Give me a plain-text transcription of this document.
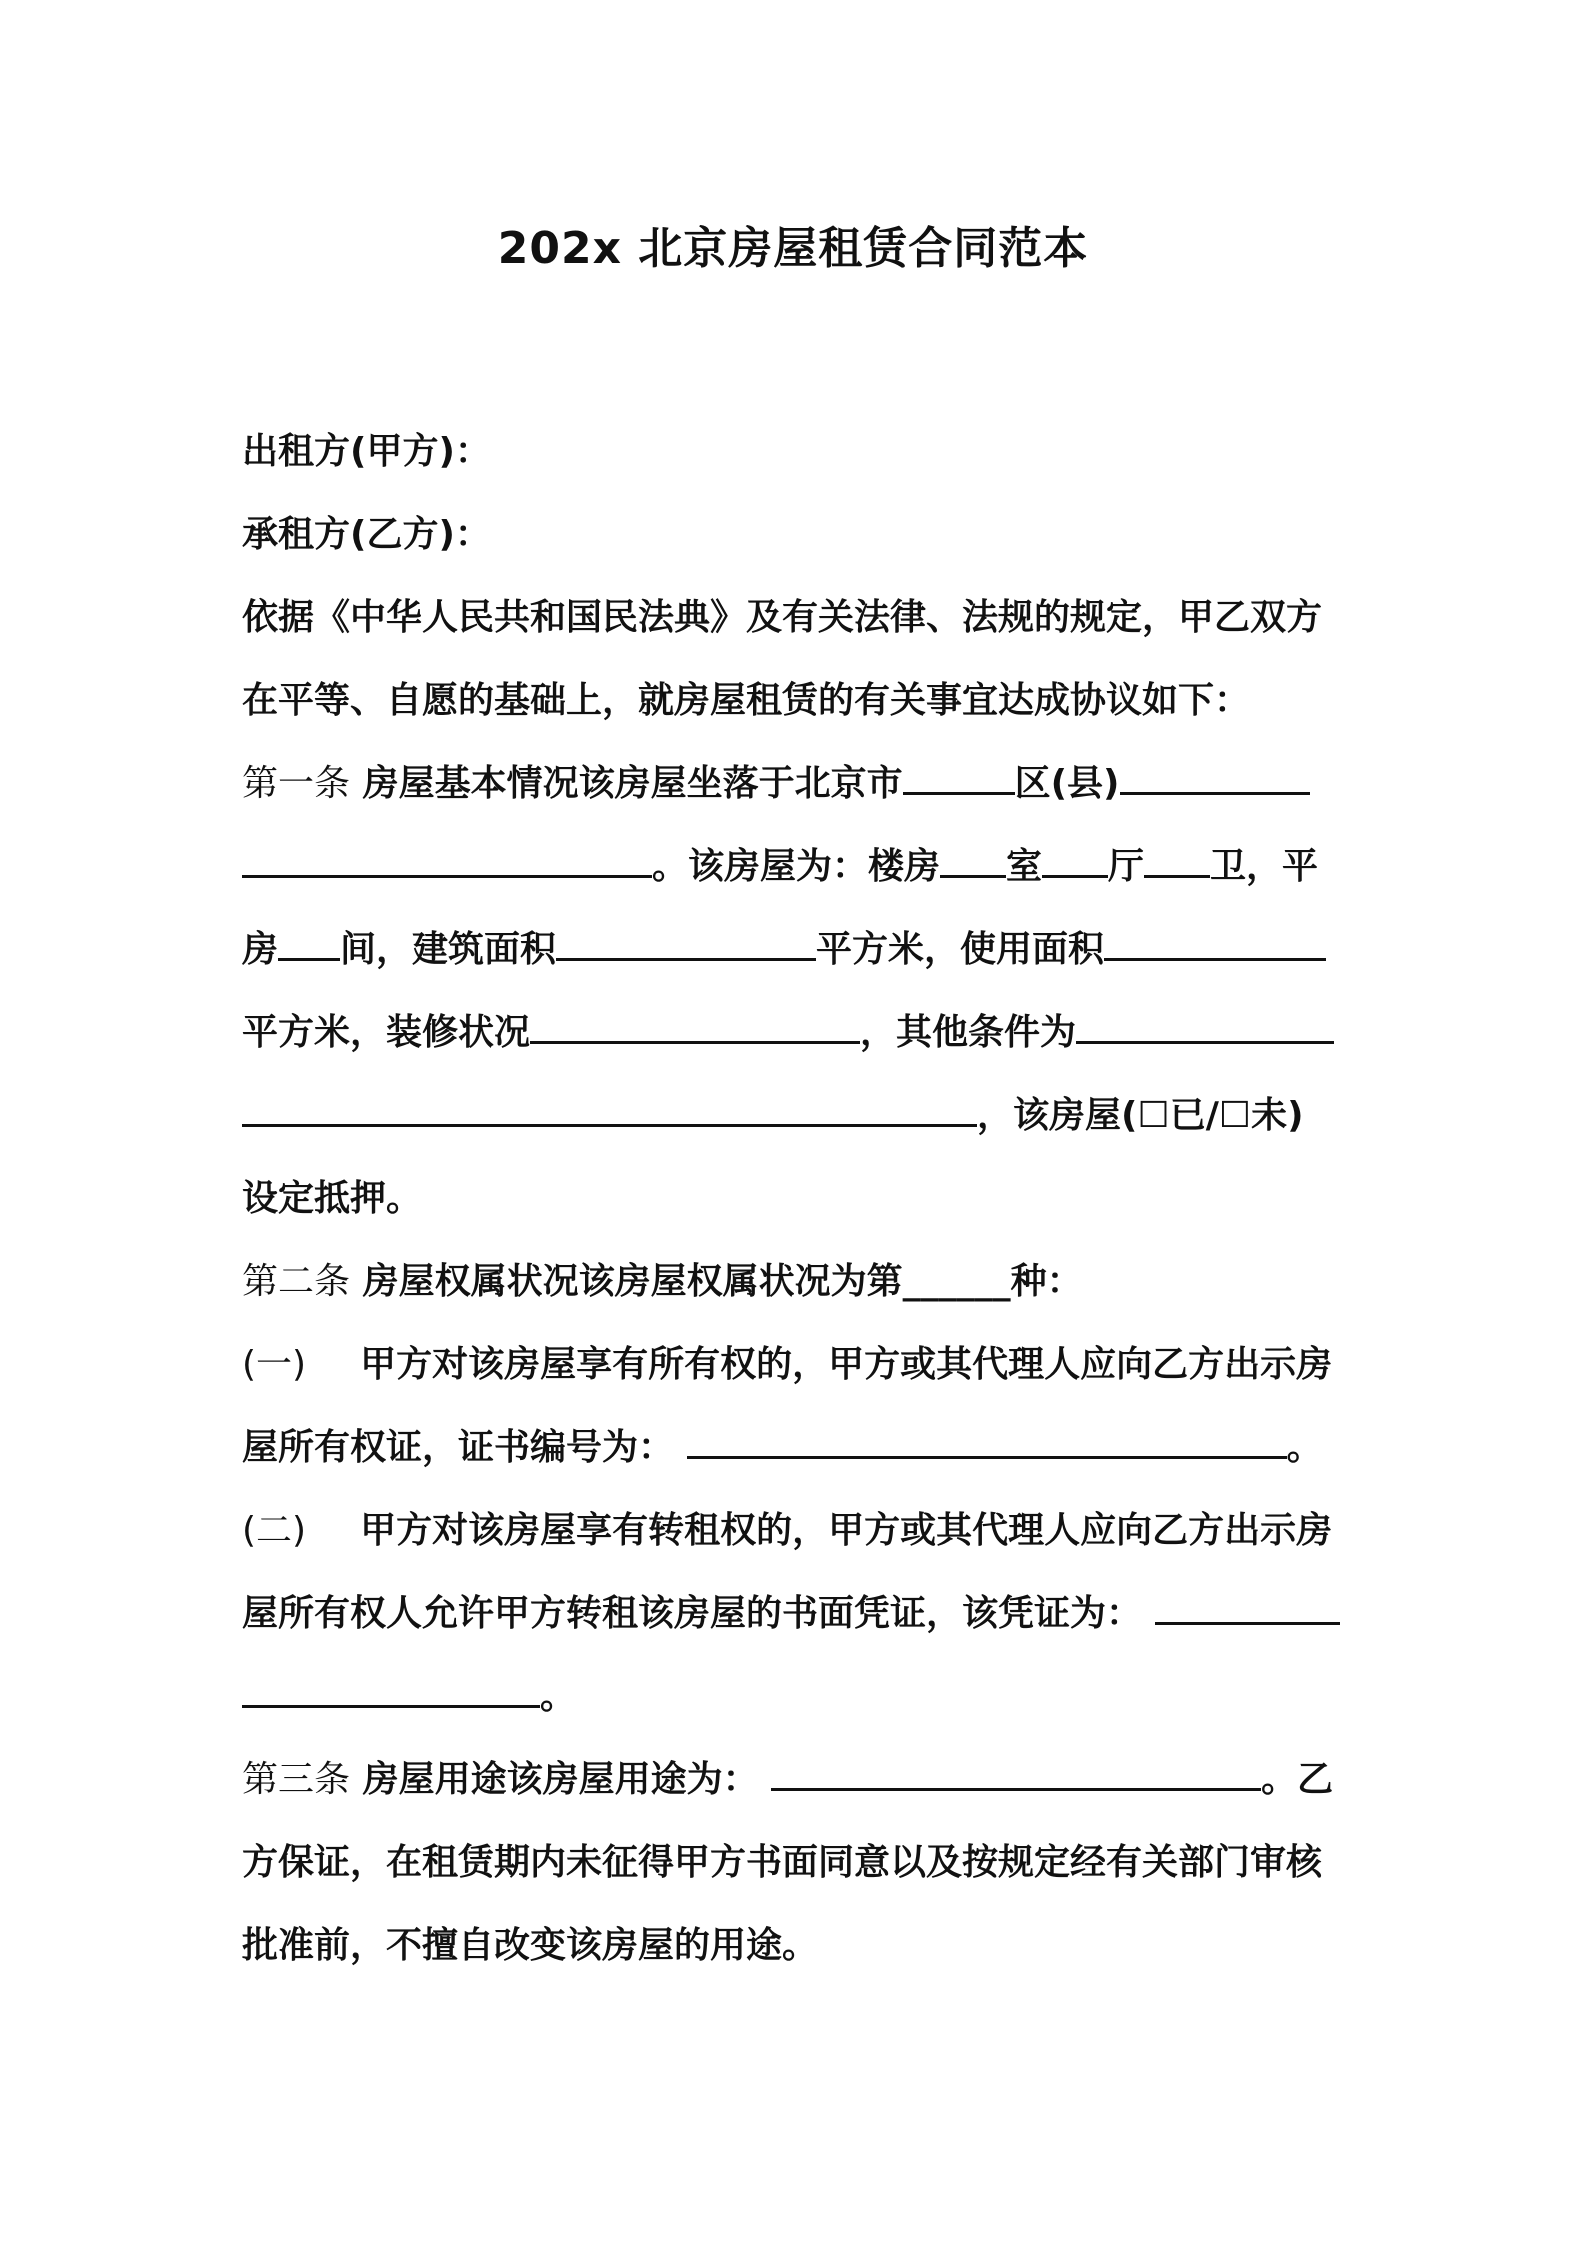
202x 北京房屋租赁合同范本
出租方(甲方)：
承租方(乙方)：
依据《中华人民共和国民法典》及有关法律、法规的规定，甲乙双方
在平等、自愿的基础上，就房屋租赁的有关事宜达成协议如下：
第一条 房屋基本情况该房屋坐落于北京市	区(县)
。该房屋为：楼房 室 厅 卫，平
房 间，建筑面积	平方米，使用面积
平方米，装修状况	，其他条件为
，该房屋(☐已/☐未)
设定抵押。
第二条 房屋权属状况该房屋权属状况为第______种：
(一) 甲方对该房屋享有所有权的，甲方或其代理人应向乙方出示房
屋所有权证，证书编号为：	。
(二) 甲方对该房屋享有转租权的，甲方或其代理人应向乙方出示房
屋所有权人允许甲方转租该房屋的书面凭证，该凭证为：
。
第三条 房屋用途该房屋用途为：	。乙
方保证，在租赁期内未征得甲方书面同意以及按规定经有关部门审核
批准前，不擅自改变该房屋的用途。
